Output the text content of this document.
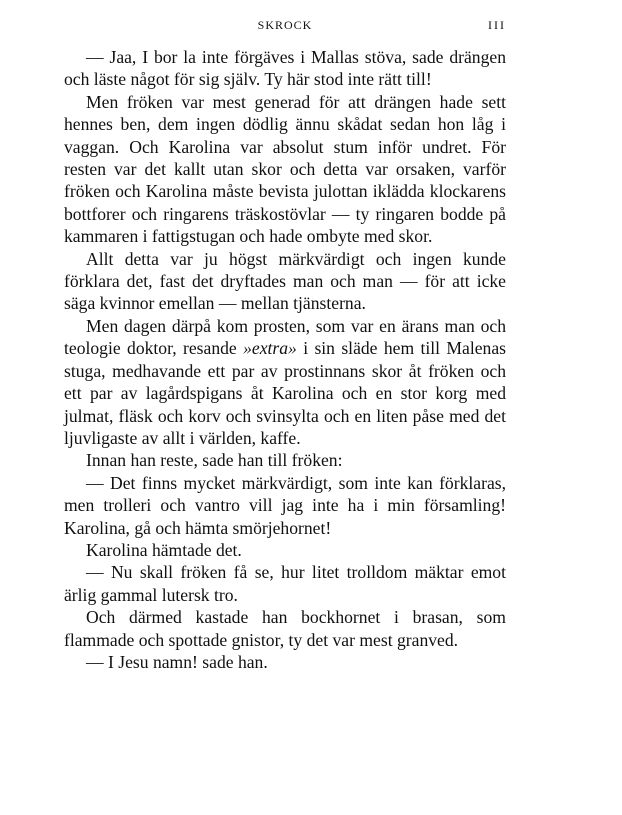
SKROCK	III

— Jaa, I bor la inte förgäves i Mallas stöva, sade drängen och läste något för sig själv. Ty här stod inte rätt till!

Men fröken var mest generad för att drängen hade sett hennes ben, dem ingen dödlig ännu skådat sedan hon låg i vaggan. Och Karolina var absolut stum inför undret. För resten var det kallt utan skor och detta var orsaken, varför fröken och Karolina måste bevista julottan iklädda klockarens bottforer och ringarens träskostövlar — ty ringaren bodde på kammaren i fattigstugan och hade ombyte med skor.

Allt detta var ju högst märkvärdigt och ingen kunde förklara det, fast det dryftades man och man — för att icke säga kvinnor emellan — mellan tjänsterna.

Men dagen därpå kom prosten, som var en ärans man och teologie doktor, resande »extra» i sin släde hem till Malenas stuga, medhavande ett par av prostinnans skor åt fröken och ett par av lagårdspigans åt Karolina och en stor korg med julmat, fläsk och korv och svinsylta och en liten påse med det ljuvligaste av allt i världen, kaffe.

Innan han reste, sade han till fröken:

— Det finns mycket märkvärdigt, som inte kan förklaras, men trolleri och vantro vill jag inte ha i min församling! Karolina, gå och hämta smörjehornet!

Karolina hämtade det.

— Nu skall fröken få se, hur litet trolldom mäktar emot ärlig gammal lutersk tro.

Och därmed kastade han bockhornet i brasan, som flammade och spottade gnistor, ty det var mest granved.

— I Jesu namn! sade han.
